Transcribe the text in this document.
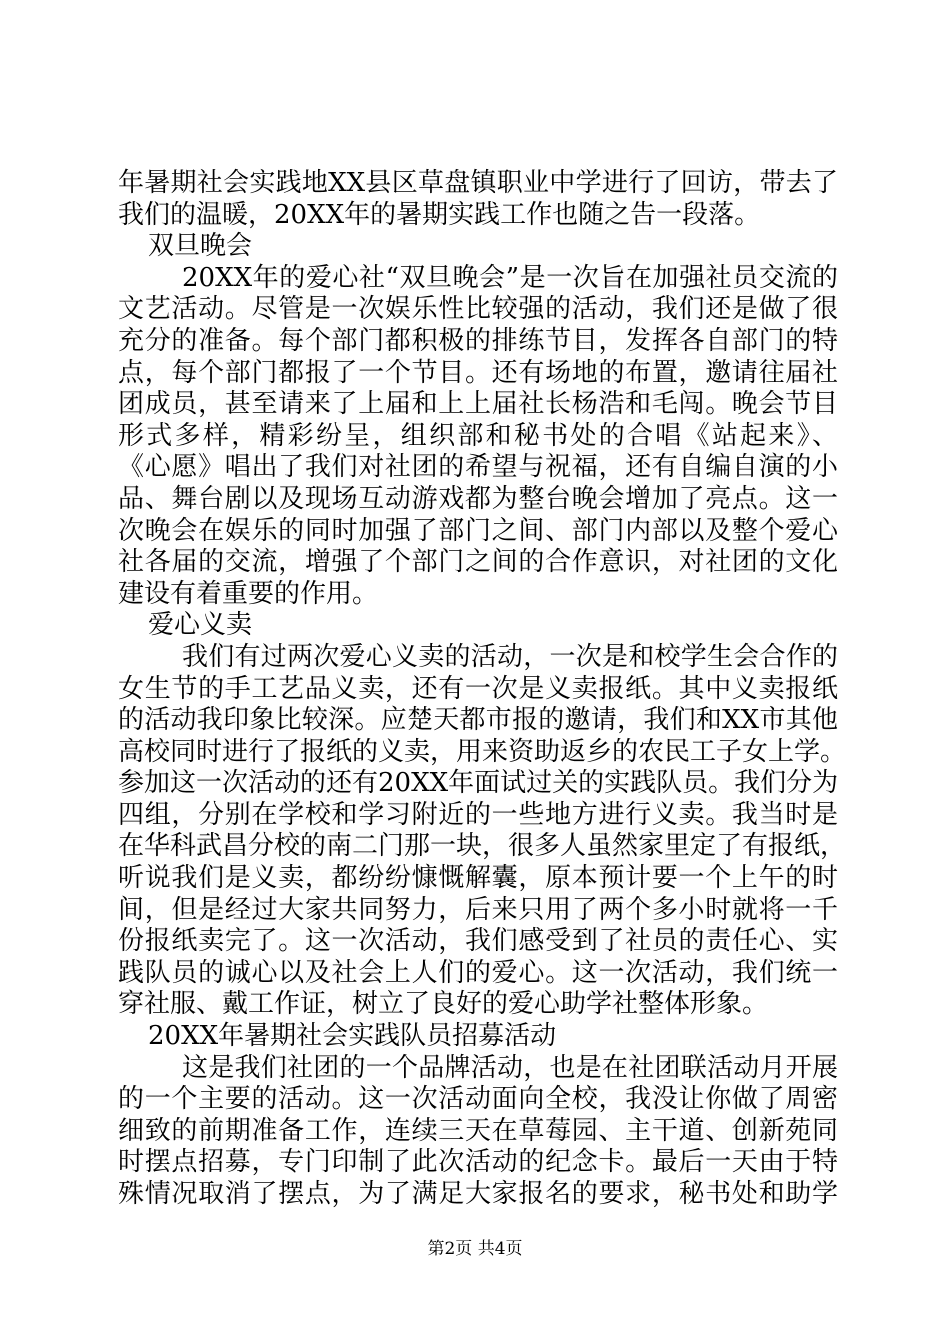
年暑期社会实践地XX县区草盘镇职业中学进行了回访，带去了
我们的温暖，20XX年的暑期实践工作也随之告一段落。
双旦晚会
20XX年的爱心社“双旦晚会”是一次旨在加强社员交流的
文艺活动。尽管是一次娱乐性比较强的活动，我们还是做了很
充分的准备。每个部门都积极的排练节目，发挥各自部门的特
点，每个部门都报了一个节目。还有场地的布置，邀请往届社
团成员，甚至请来了上届和上上届社长杨浩和毛闯。晚会节目
形式多样，精彩纷呈，组织部和秘书处的合唱《站起来》、
《心愿》唱出了我们对社团的希望与祝福，还有自编自演的小
品、舞台剧以及现场互动游戏都为整台晚会增加了亮点。这一
次晚会在娱乐的同时加强了部门之间、部门内部以及整个爱心
社各届的交流，增强了个部门之间的合作意识，对社团的文化
建设有着重要的作用。
爱心义卖
我们有过两次爱心义卖的活动，一次是和校学生会合作的
女生节的手工艺品义卖，还有一次是义卖报纸。其中义卖报纸
的活动我印象比较深。应楚天都市报的邀请，我们和XX市其他
高校同时进行了报纸的义卖，用来资助返乡的农民工子女上学。
参加这一次活动的还有20XX年面试过关的实践队员。我们分为
四组，分别在学校和学习附近的一些地方进行义卖。我当时是
在华科武昌分校的南二门那一块，很多人虽然家里定了有报纸，
听说我们是义卖，都纷纷慷慨解囊，原本预计要一个上午的时
间，但是经过大家共同努力，后来只用了两个多小时就将一千
份报纸卖完了。这一次活动，我们感受到了社员的责任心、实
践队员的诚心以及社会上人们的爱心。这一次活动，我们统一
穿社服、戴工作证，树立了良好的爱心助学社整体形象。
20XX年暑期社会实践队员招募活动
这是我们社团的一个品牌活动，也是在社团联活动月开展
的一个主要的活动。这一次活动面向全校，我没让你做了周密
细致的前期准备工作，连续三天在草莓园、主干道、创新苑同
时摆点招募，专门印制了此次活动的纪念卡。最后一天由于特
殊情况取消了摆点，为了满足大家报名的要求，秘书处和助学
第2页 共4页
